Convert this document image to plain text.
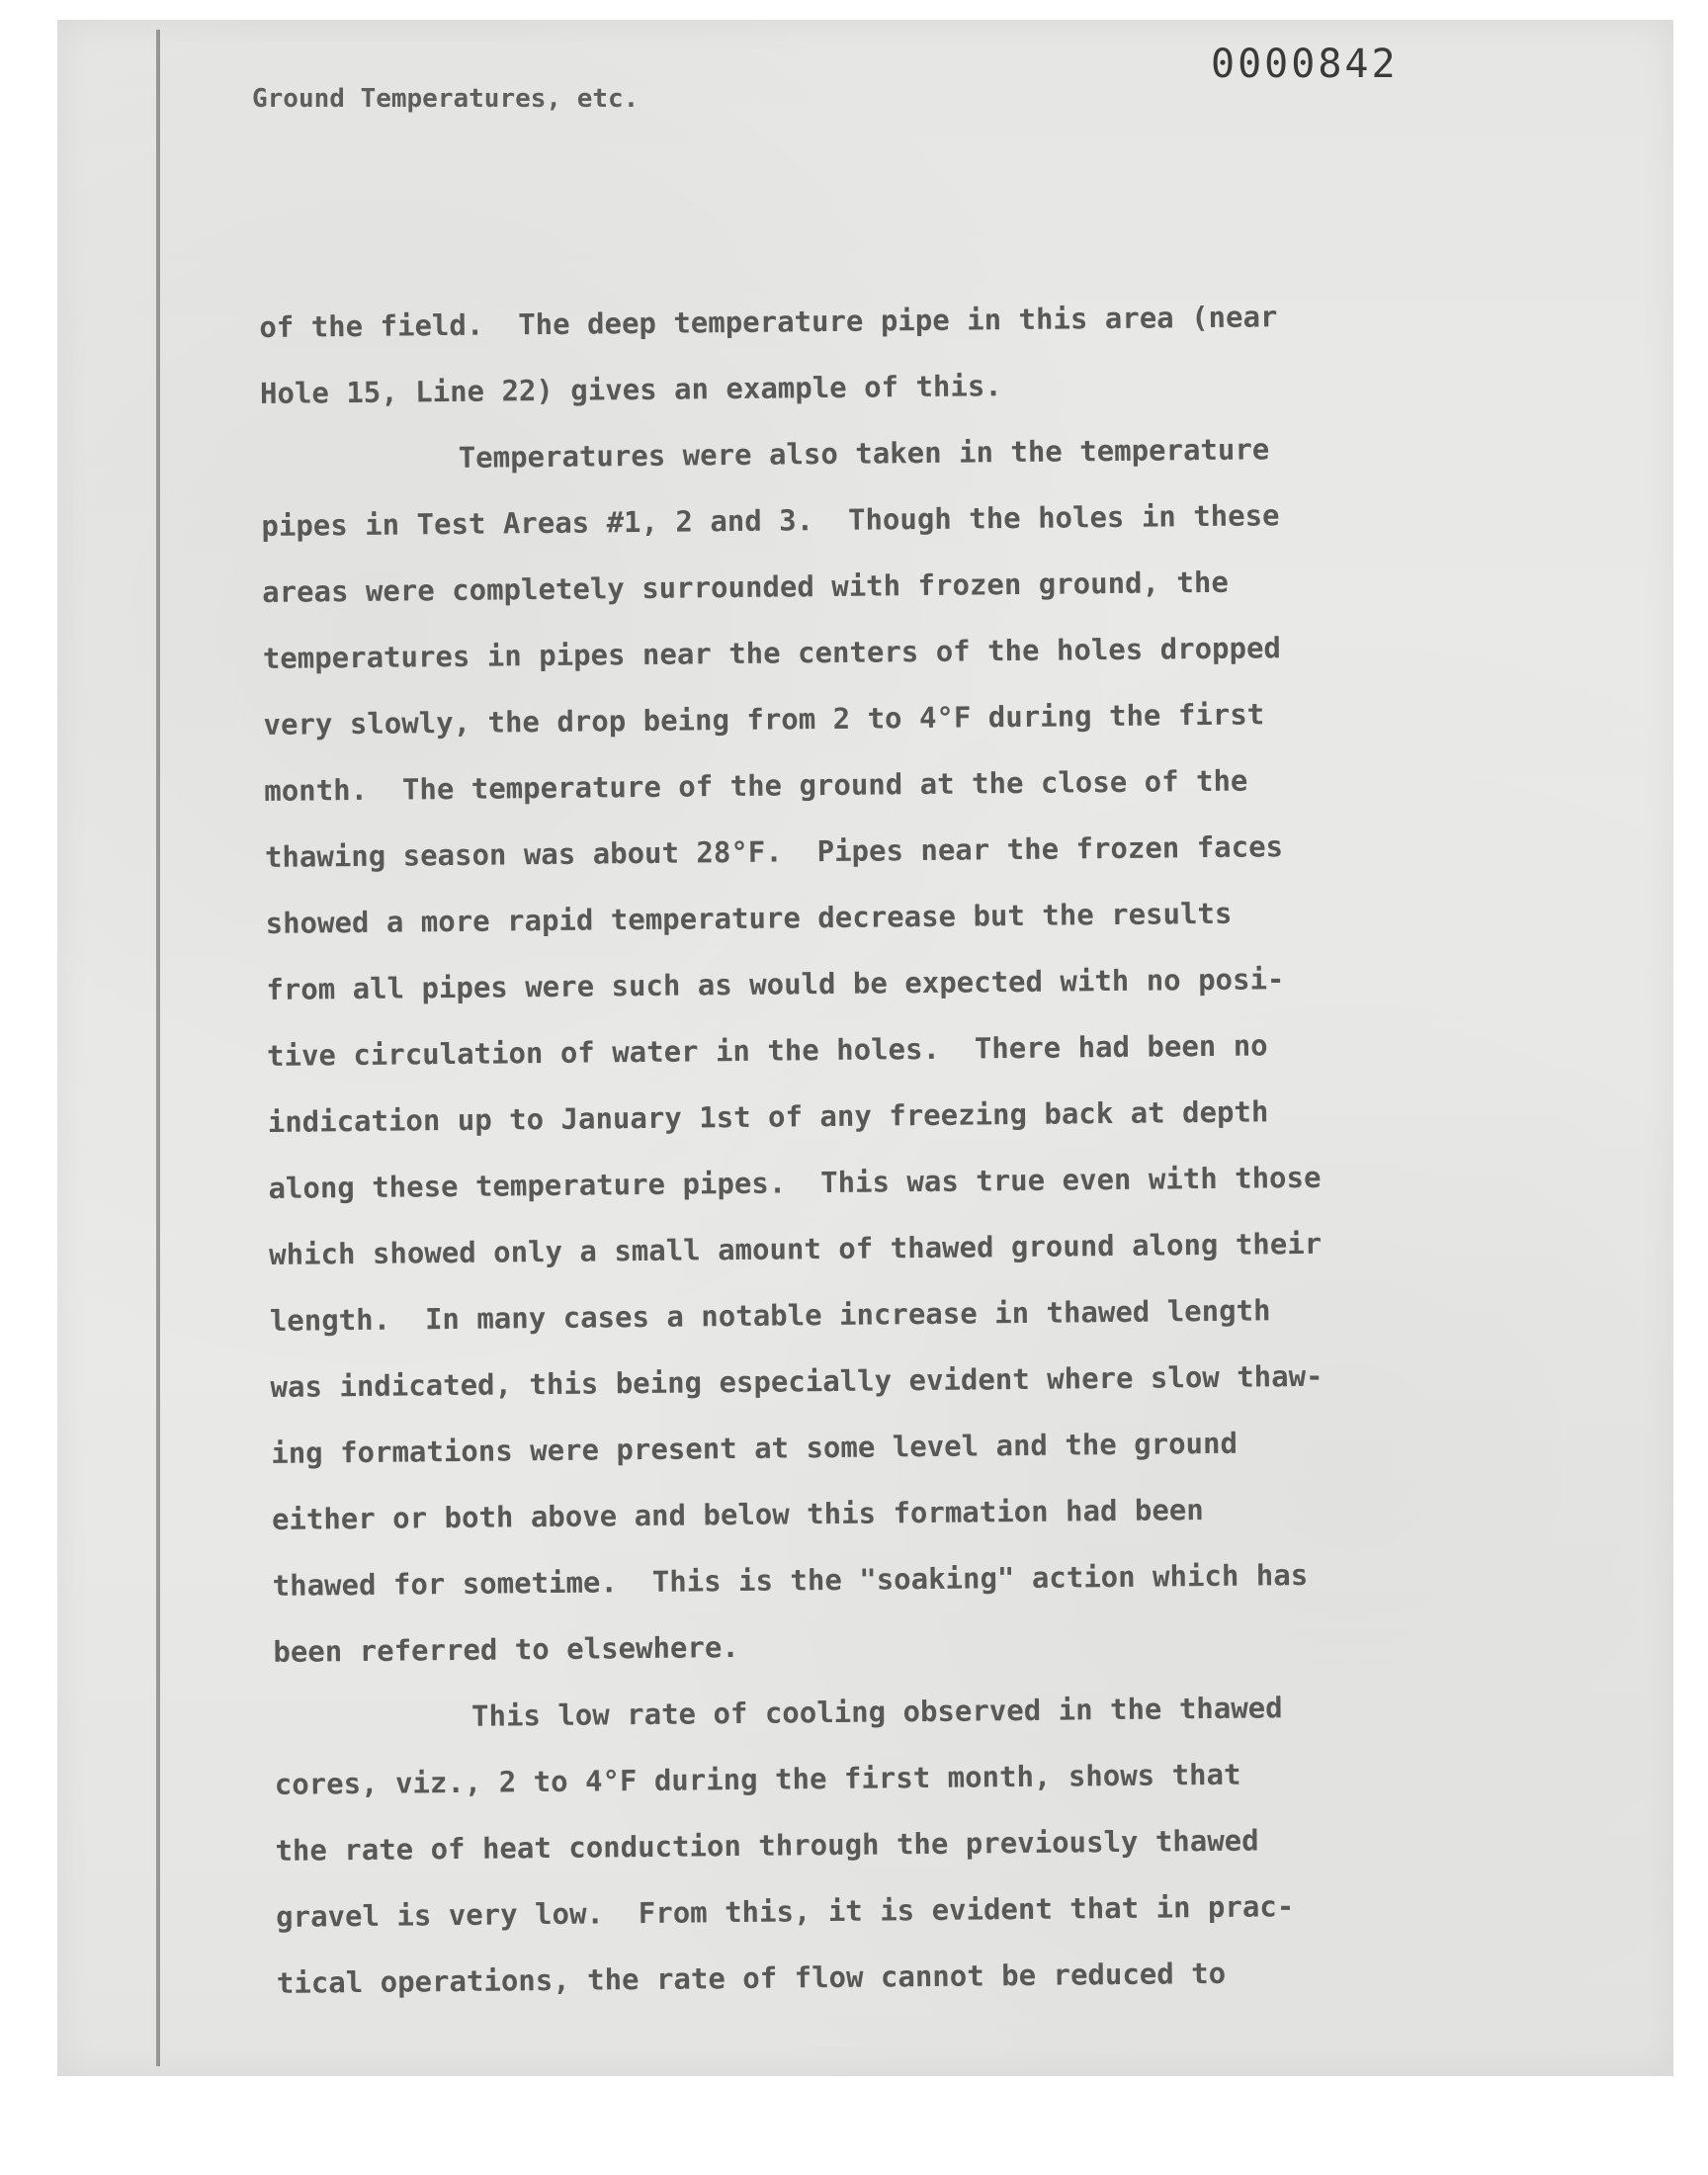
0000842
Ground Temperatures, etc.
of the field.  The deep temperature pipe in this area (near
Hole 15, Line 22) gives an example of this.
Temperatures were also taken in the temperature
pipes in Test Areas #1, 2 and 3.  Though the holes in these
areas were completely surrounded with frozen ground, the
temperatures in pipes near the centers of the holes dropped
very slowly, the drop being from 2 to 4°F during the first
month.  The temperature of the ground at the close of the
thawing season was about 28°F.  Pipes near the frozen faces
showed a more rapid temperature decrease but the results
from all pipes were such as would be expected with no posi-
tive circulation of water in the holes.  There had been no
indication up to January 1st of any freezing back at depth
along these temperature pipes.  This was true even with those
which showed only a small amount of thawed ground along their
length.  In many cases a notable increase in thawed length
was indicated, this being especially evident where slow thaw-
ing formations were present at some level and the ground
either or both above and below this formation had been
thawed for sometime.  This is the "soaking" action which has
been referred to elsewhere.
This low rate of cooling observed in the thawed
cores, viz., 2 to 4°F during the first month, shows that
the rate of heat conduction through the previously thawed
gravel is very low.  From this, it is evident that in prac-
tical operations, the rate of flow cannot be reduced to
